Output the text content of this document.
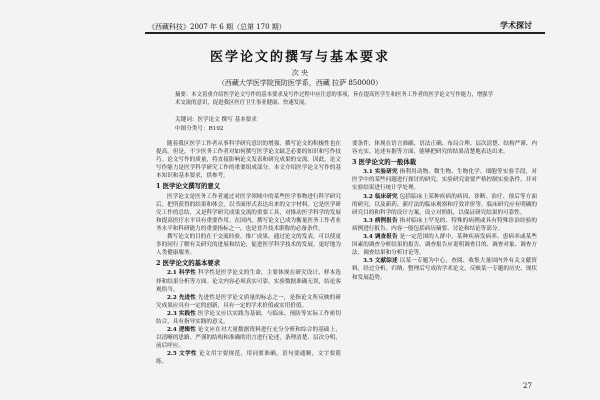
《西藏科技》2007 年 6 期（总第 170 期）	学术探讨
医学论文的撰写与基本要求
次 央
（西藏大学医学院预防医学系，西藏 拉萨 850000）
摘要：本文着重介绍医学论文写作的基本要求及写作过程中应注意的事项，旨在提高医学生和医务工作者的医学论文写作能力，增强学术交流的意识，促进我区医疗卫生事业健康、快速发展。
关键词：医学论文 撰写 基本要求
中图分类号：R192

随着我区医学工作者从事科学研究意识的增强，撰写论文的积极性也在提高。但是，不少医务工作者对如何撰写医学论文缺乏必要的知识和写作技巧。论文写作的质量，将直接影响论文发表和研究成果的交流。因此，论文写作能力是医学科学研究工作的重要组成部分。本文介绍医学论文写作的基本知识和基本要求，供参考。

1 医学论文撰写的意义

医学论文是医务工作者通过对医学领域中的某些医学事物进行科学研究后，把所获得的结果和体会，以书面形式表达出来的文字材料。它是医学研究工作的总结，又是科学研究成果交流的重要工具，对推动医学科学的发展和提高医疗水平具有重要作用。在国内，撰写论文已成为衡量医务工作者业务水平和科研能力的重要指标之一，也是晋升技术职称的必备条件。

撰写论文的目的在于交流经验、推广成果。通过论文的发表，可以使更多的同行了解有关研究的进展和结论，促进医学科学技术的发展，更好地为人类健康服务。

2 医学论文的基本要求

2.1 科学性 科学性是医学论文的生命，主要体现在研究设计、样本选择和结果分析等方面。论文内容必须真实可靠，实验数据准确无误，结论客观恰当。

2.2 先进性 先进性是医学论文质量的标志之一，是指论文所反映的研究成果应具有一定的创新，具有一定的学术价值或实用价值。

2.3 实践性 医学论文应以实践为基础，与临床、预防等实际工作密切结合，具有指导实践的意义。

2.4 逻辑性 论文应在对大量数据资料进行充分分析和综合的基础上，以清晰的思路、严谨的结构和准确的语言进行论述，条理清楚、层次分明、前后呼应。

2.5 文学性 论文用字要规范，用词要准确，语句要通顺，文字要简练。

要条件，体现在语言准确、语法正确、布局合理、层次清楚、结构严谨、内容充实、论述有据等方面，能够把研究的结果清楚地表达出来。

3 医学论文的一般体裁

3.1 实验研究 指利用动物、微生物、生物化学、细胞等实验手段，对医学中的某些问题进行探讨的研究。实验研究需要严格控制实验条件，并对实验结果进行统计学处理。

3.2 临床研究 包括临床上某种疾病的病因、诊断、治疗、预后等方面的研究，以及新药、新疗法的临床观察和疗效评价等。临床研究应有明确的研究目的和科学的设计方案，设立对照组，以保证研究结果的可靠性。

3.3 病例报告 指对临床上罕见的、特殊的病例或具有特殊诊治经验的病例进行报告。内容一般包括病历摘要、讨论和结论等部分。

3.4 调查报告 是一定范围的人群中，某种疾病发病率、患病率或某些因素的调查分析结果的报告。调查报告应说明调查目的、调查对象、调查方法、调查结果和分析讨论等。

3.5 文献综述 以某一专题为中心，查阅、收集大量国内外有关文献资料，经过分析、归纳、整理后写成的学术论文，反映某一专题的历史、现状和发展趋势。

27
